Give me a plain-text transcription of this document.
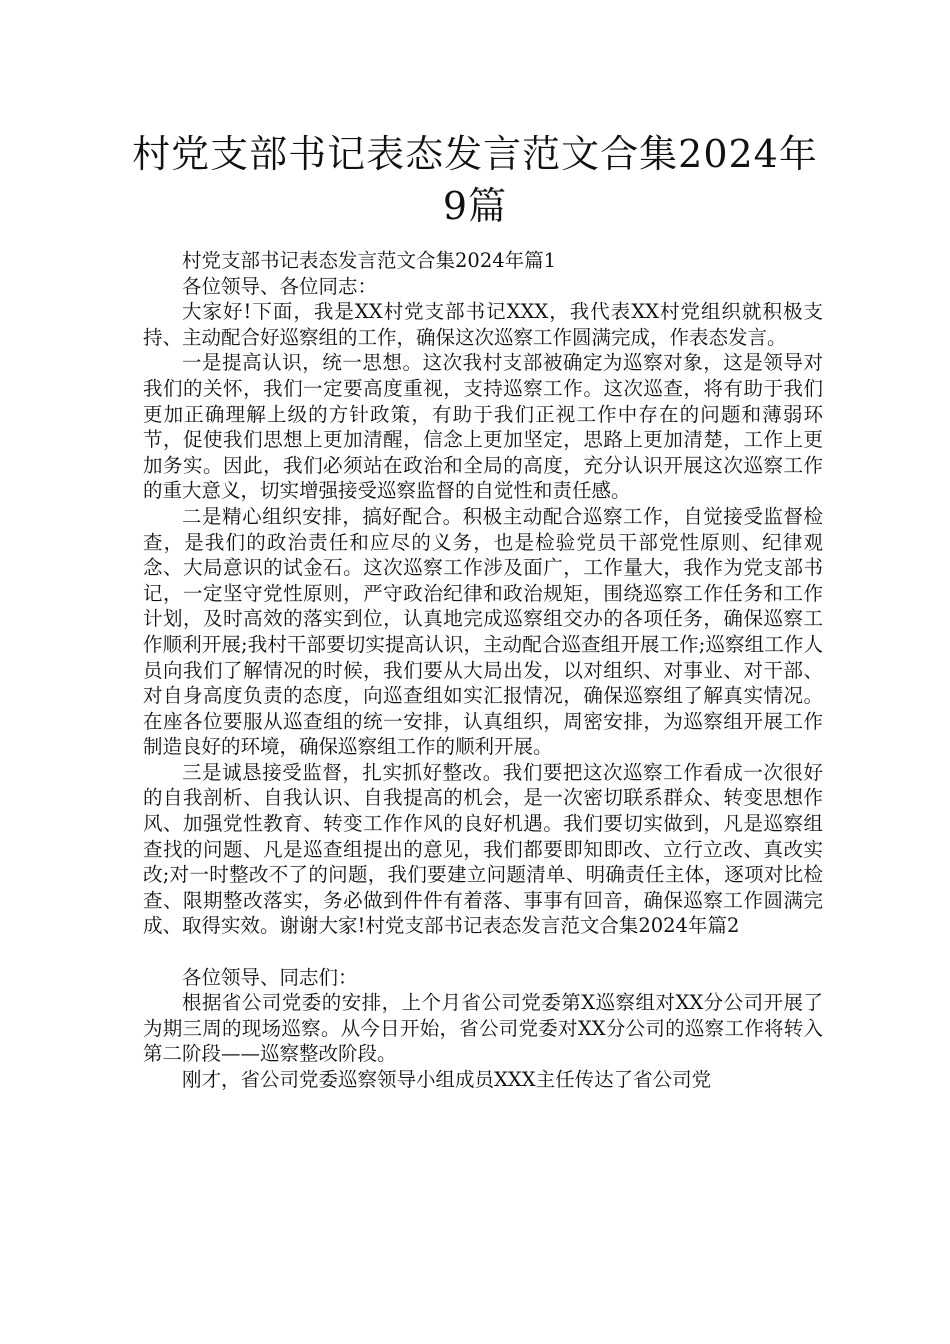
村党支部书记表态发言范文合集2024年9篇

村党支部书记表态发言范文合集2024年篇1

各位领导、各位同志：

大家好!下面，我是XX村党支部书记XXX，我代表XX村党组织就积极支持、主动配合好巡察组的工作，确保这次巡察工作圆满完成，作表态发言。

一是提高认识，统一思想。这次我村支部被确定为巡察对象，这是领导对我们的关怀，我们一定要高度重视，支持巡察工作。这次巡查，将有助于我们更加正确理解上级的方针政策，有助于我们正视工作中存在的问题和薄弱环节，促使我们思想上更加清醒，信念上更加坚定，思路上更加清楚，工作上更加务实。因此，我们必须站在政治和全局的高度，充分认识开展这次巡察工作的重大意义，切实增强接受巡察监督的自觉性和责任感。

二是精心组织安排，搞好配合。积极主动配合巡察工作，自觉接受监督检查，是我们的政治责任和应尽的义务，也是检验党员干部党性原则、纪律观念、大局意识的试金石。这次巡察工作涉及面广，工作量大，我作为党支部书记，一定坚守党性原则，严守政治纪律和政治规矩，围绕巡察工作任务和工作计划，及时高效的落实到位，认真地完成巡察组交办的各项任务，确保巡察工作顺利开展;我村干部要切实提高认识，主动配合巡查组开展工作;巡察组工作人员向我们了解情况的时候，我们要从大局出发，以对组织、对事业、对干部、对自身高度负责的态度，向巡查组如实汇报情况，确保巡察组了解真实情况。在座各位要服从巡查组的统一安排，认真组织，周密安排，为巡察组开展工作制造良好的环境，确保巡察组工作的顺利开展。

三是诚恳接受监督，扎实抓好整改。我们要把这次巡察工作看成一次很好的自我剖析、自我认识、自我提高的机会，是一次密切联系群众、转变思想作风、加强党性教育、转变工作作风的良好机遇。我们要切实做到，凡是巡察组查找的问题、凡是巡查组提出的意见，我们都要即知即改、立行立改、真改实改;对一时整改不了的问题，我们要建立问题清单、明确责任主体，逐项对比检查、限期整改落实，务必做到件件有着落、事事有回音，确保巡察工作圆满完成、取得实效。谢谢大家!村党支部书记表态发言范文合集2024年篇2

各位领导、同志们：

根据省公司党委的安排，上个月省公司党委第X巡察组对XX分公司开展了为期三周的现场巡察。从今日开始，省公司党委对XX分公司的巡察工作将转入第二阶段——巡察整改阶段。

刚才，省公司党委巡察领导小组成员XXX主任传达了省公司党
